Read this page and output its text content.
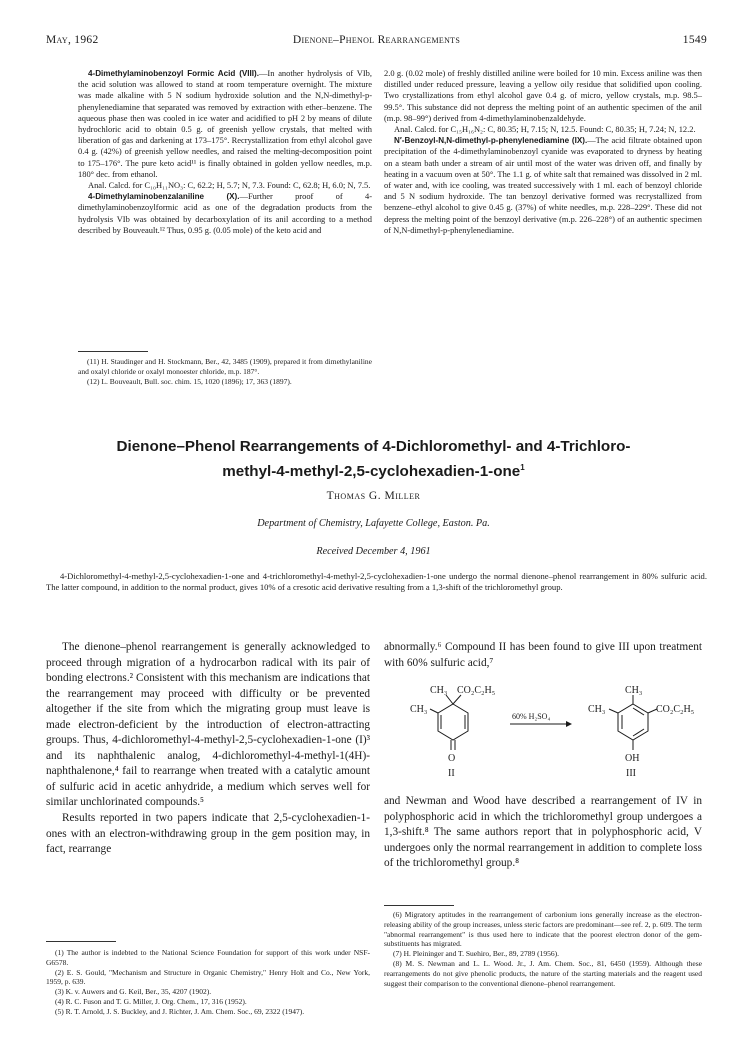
May, 1962	Dienone–Phenol Rearrangements	1549

4-Dimethylaminobenzoyl Formic Acid (VIII).—In another hydrolysis of VIb, the acid solution was allowed to stand at room temperature overnight. The mixture was made alkaline with 5 N sodium hydroxide solution and the N,N-dimethyl-p-phenylenediamine that separated was removed by extraction with ether–benzene. The aqueous phase then was cooled in ice water and acidified to pH 2 by means of dilute hydrochloric acid to obtain 0.5 g. of greenish yellow crystals, that melted with liberation of gas and darkening at 173–175°. Recrystallization from ethyl alcohol gave 0.4 g. (42%) of greenish yellow needles, and raised the melting-decomposition point to 175–176°. The pure keto acid¹¹ is finally obtained in golden yellow needles, m.p. 180° dec. from ethanol.

Anal. Calcd. for C₁₀H₁₁NO₃: C, 62.2; H, 5.7; N, 7.3. Found: C, 62.8; H, 6.0; N, 7.5.

4-Dimethylaminobenzalaniline (X).—Further proof of 4-dimethylaminobenzoylformic acid as one of the degradation products from the hydrolysis VIb was obtained by decarboxylation of its anil according to a method described by Bouveault.¹² Thus, 0.95 g. (0.05 mole) of the keto acid and

(11) H. Staudinger and H. Stockmann, Ber., 42, 3485 (1909), prepared it from dimethylaniline and oxalyl chloride or oxalyl monoester chloride, m.p. 187°.

(12) L. Bouveault, Bull. soc. chim. 15, 1020 (1896); 17, 363 (1897).

2.0 g. (0.02 mole) of freshly distilled aniline were boiled for 10 min. Excess aniline was then distilled under reduced pressure, leaving a yellow oily residue that solidified upon cooling. Two crystallizations from ethyl alcohol gave 0.4 g. of micro, yellow crystals, m.p. 98.5–99.5°. This substance did not depress the melting point of an authentic specimen of the anil (m.p. 98–99°) derived from 4-dimethylaminobenzaldehyde.

Anal. Calcd. for C₁₅H₁₆N₂: C, 80.35; H, 7.15; N, 12.5. Found: C, 80.35; H, 7.24; N, 12.2.

N′-Benzoyl-N,N-dimethyl-p-phenylenediamine (IX).—The acid filtrate obtained upon precipitation of the 4-dimethylaminobenzoyl cyanide was evaporated to dryness by heating on a steam bath under a stream of air until most of the water was driven off, and finally by heating in a vacuum oven at 50°. The 1.1 g. of white salt that remained was dissolved in 2 ml. of water and, with ice cooling, was treated successively with 1 ml. each of benzoyl chloride and 5 N sodium hydroxide. The tan benzoyl derivative formed was recrystallized from benzene–ethyl alcohol to give 0.45 g. (37%) of white needles, m.p. 228–229°. These did not depress the melting point of the benzoyl derivative (m.p. 226–228°) of an authentic specimen of N,N-dimethyl-p-phenylenediamine.

Dienone–Phenol Rearrangements of 4-Dichloromethyl- and 4-Trichloro-
methyl-4-methyl-2,5-cyclohexadien-1-one$^1$
Thomas G. Miller
Department of Chemistry, Lafayette College, Easton. Pa.
Received December 4, 1961
4-Dichloromethyl-4-methyl-2,5-cyclohexadien-1-one and 4-trichloromethyl-4-methyl-2,5-cyclohexadien-1-one undergo the normal dienone–phenol rearrangement in 80% sulfuric acid. The latter compound, in addition to the normal product, gives 10% of a cresotic acid derivative resulting from a 1,3-shift of the trichloromethyl group.

The dienone–phenol rearrangement is generally acknowledged to proceed through migration of a hydrocarbon radical with its pair of bonding electrons.² Consistent with this mechanism are indications that the rearrangement may proceed with difficulty or be prevented altogether if the site from which the migrating group must leave is made electron-deficient by the introduction of electron-attracting groups. Thus, 4-dichloromethyl-4-methyl-2,5-cyclohexadien-1-one (I)³ and its naphthalenic analog, 4-dichloromethyl-4-methyl-1(4H)-naphthalenone,⁴ fail to rearrange when treated with a catalytic amount of sulfuric acid in acetic anhydride, a medium which serves well for similar unchlorinated compounds.⁵

Results reported in two papers indicate that 2,5-cyclohexadien-1-ones with an electron-withdrawing group in the gem position may, in fact, rearrange

(1) The author is indebted to the National Science Foundation for support of this work under NSF-G6578.

(2) E. S. Gould, "Mechanism and Structure in Organic Chemistry," Henry Holt and Co., New York, 1959, p. 639.

(3) K. v. Auwers and G. Keil, Ber., 35, 4207 (1902).

(4) R. C. Fuson and T. G. Miller, J. Org. Chem., 17, 316 (1952).

(5) R. T. Arnold, J. S. Buckley, and J. Richter, J. Am. Chem. Soc., 69, 2322 (1947).

abnormally.⁶ Compound II has been found to give III upon treatment with 60% sulfuric acid,⁷

CH₃ CO₂C₂H₅
CH₃
O
II
60% H₂SO₄
CH₃
CH₃	CO₂C₂H₅
OH
III

and Newman and Wood have described a rearrangement of IV in polyphosphoric acid in which the trichloromethyl group undergoes a 1,3-shift.⁸ The same authors report that in polyphosphoric acid, V undergoes only the normal rearrangement in addition to complete loss of the trichloromethyl group.⁸

(6) Migratory aptitudes in the rearrangement of carbonium ions generally increase as the electron-releasing ability of the group increases, unless steric factors are predominant—see ref. 2, p. 609. The term "abnormal rearrangement" is thus used here to indicate that the poorest electron donor of the gem-substituents has migrated.

(7) H. Pleininger and T. Suehiro, Ber., 89, 2789 (1956).

(8) M. S. Newman and L. L. Wood. Jr., J. Am. Chem. Soc., 81, 6450 (1959). Although these rearrangements do not give phenolic products, the nature of the starting materials and the reagent used suggest their comparison to the conventional dienone–phenol rearrangement.
